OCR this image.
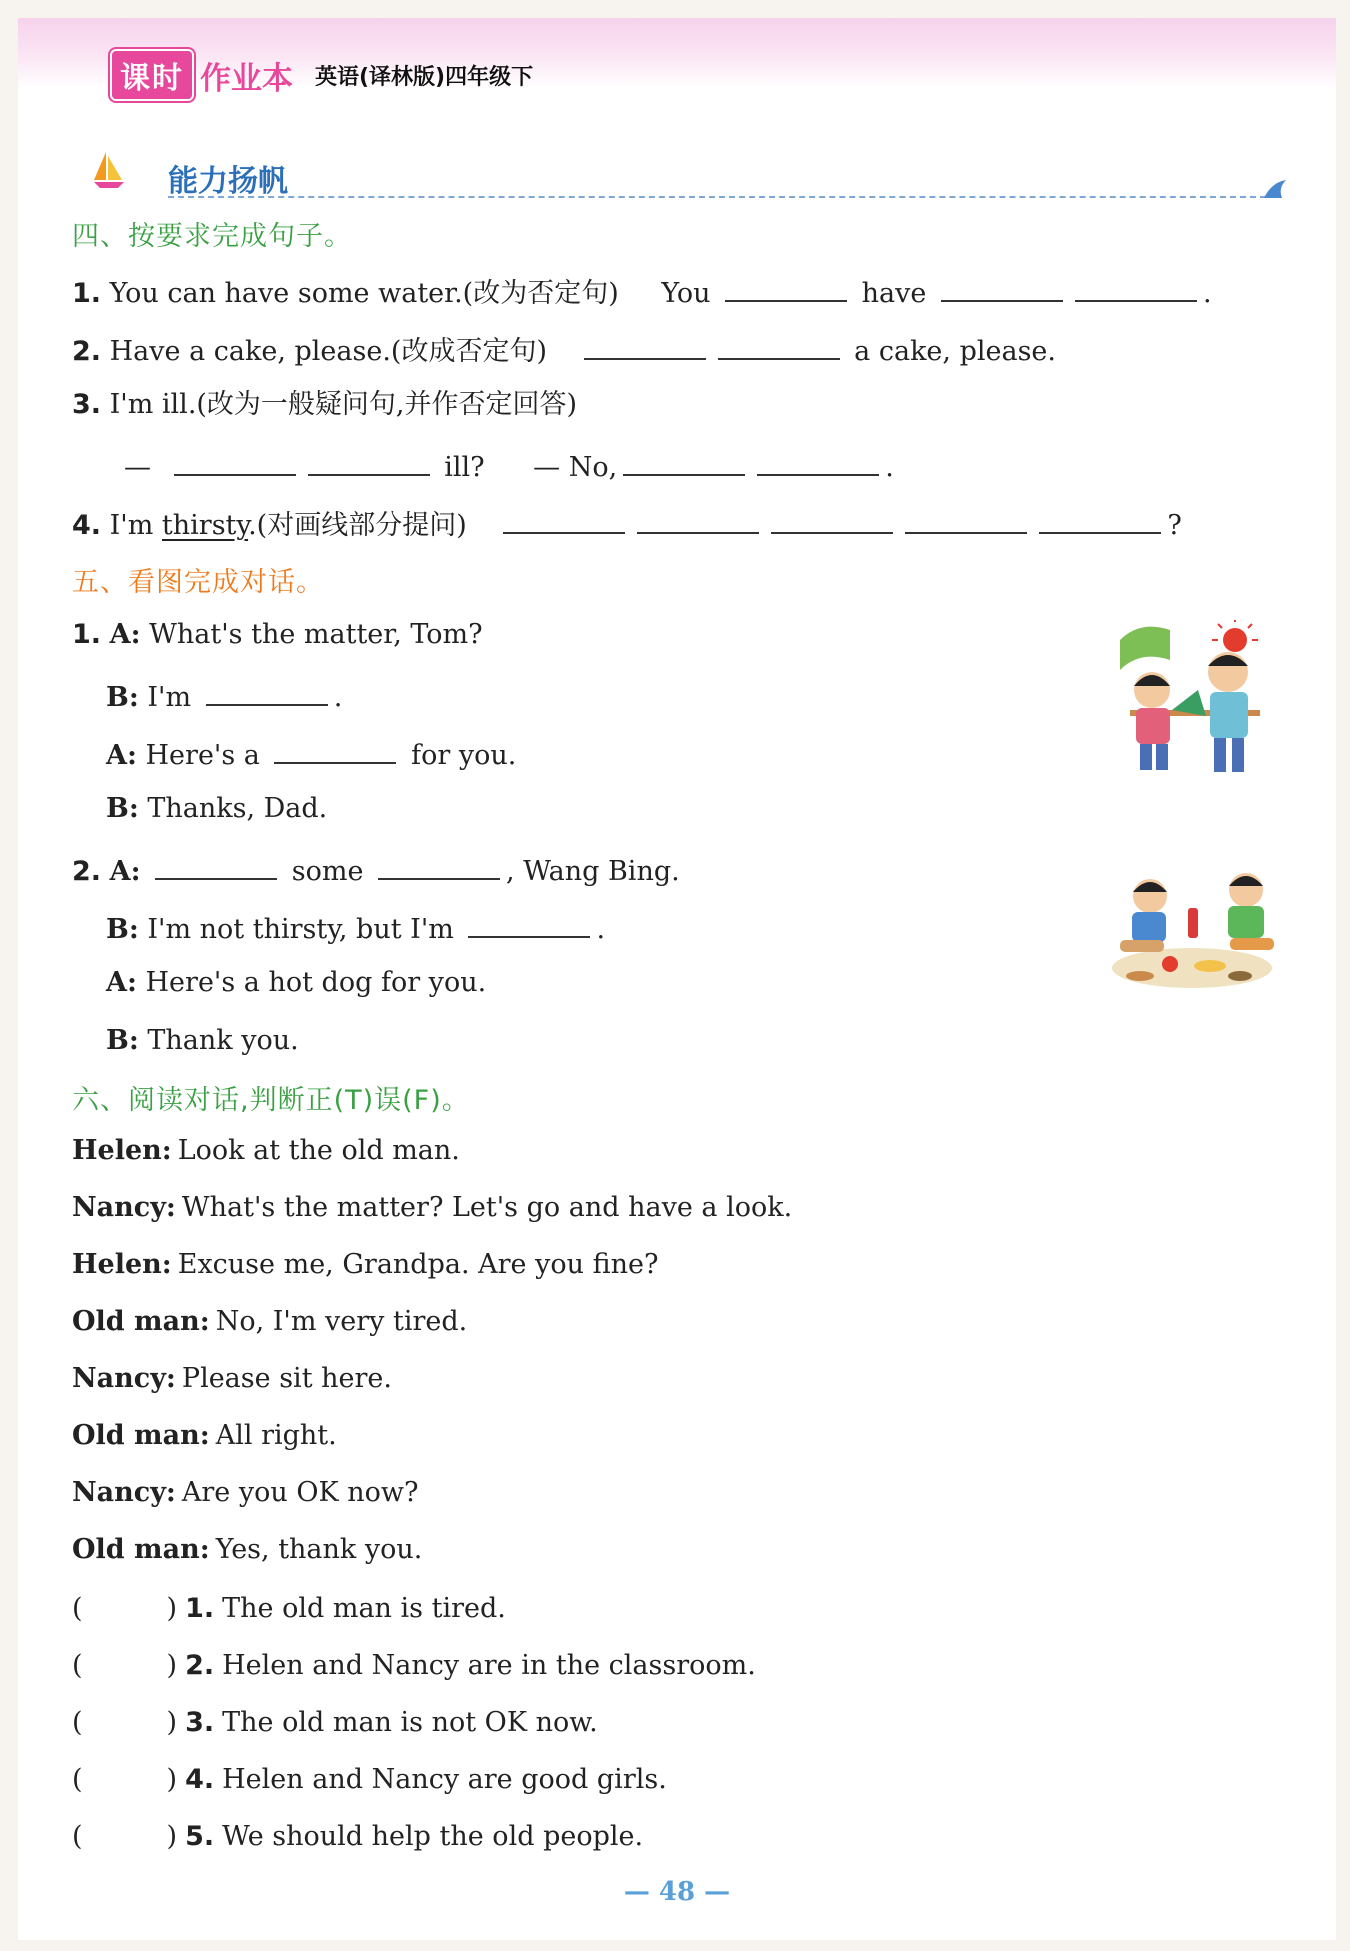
课时 作业本 英语(译林版)四年级下
能力扬帆
四、按要求完成句子。
1. You can have some water.(改为否定句) You	have	.
2. Have a cake, please.(改成否定句)	a cake, please.
3. I'm ill.(改为一般疑问句,并作否定回答)
—	ill? — No,	.
4. I'm thirsty.(对画线部分提问)	?
五、看图完成对话。
1. A: What's the matter, Tom?
B: I'm	.
A: Here's a	for you.
B: Thanks, Dad.
2. A:	some	, Wang Bing.
B: I'm not thirsty, but I'm	.
A: Here's a hot dog for you.
B: Thank you.
六、阅读对话,判断正(T)误(F)。
Helen: Look at the old man.
Nancy: What's the matter? Let's go and have a look.
Helen: Excuse me, Grandpa. Are you fine?
Old man: No, I'm very tired.
Nancy: Please sit here.
Old man: All right.
Nancy: Are you OK now?
Old man: Yes, thank you.
(	) 1. The old man is tired.
(	) 2. Helen and Nancy are in the classroom.
(	) 3. The old man is not OK now.
(	) 4. Helen and Nancy are good girls.
(	) 5. We should help the old people.
— 48 —
